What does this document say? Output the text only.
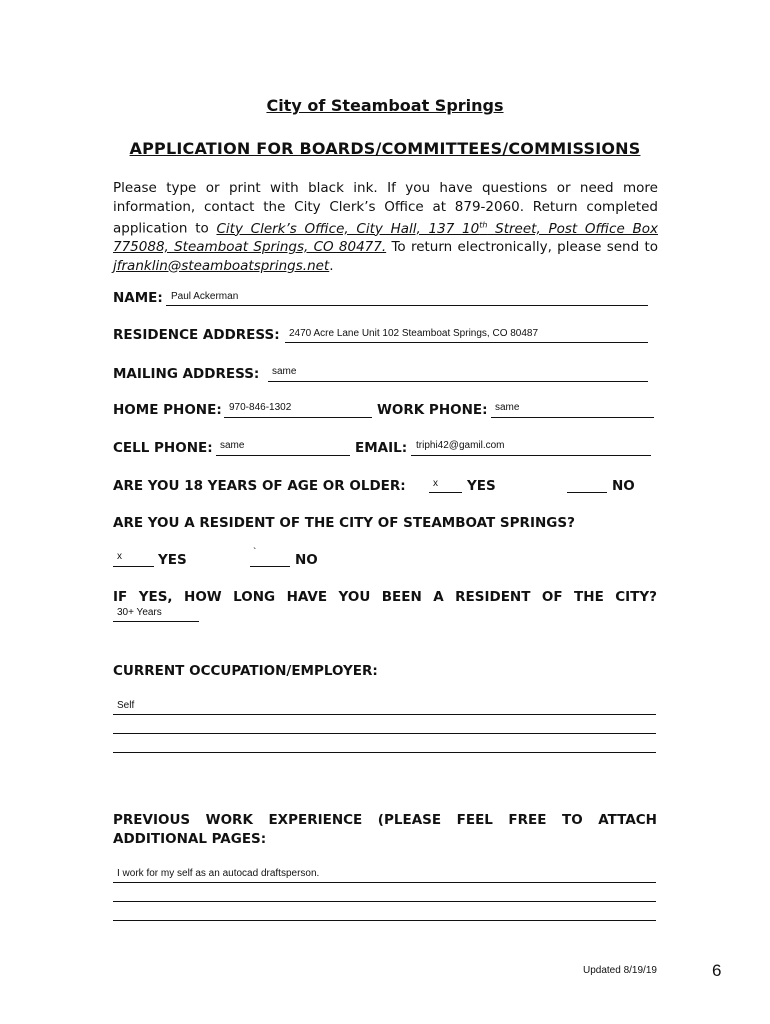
City of Steamboat Springs
APPLICATION FOR BOARDS/COMMITTEES/COMMISSIONS
Please type or print with black ink. If you have questions or need more information, contact the City Clerk’s Office at 879-2060. Return completed application to City Clerk’s Office, City Hall, 137 10th Street, Post Office Box 775088, Steamboat Springs, CO 80477. To return electronically, please send to jfranklin@steamboatsprings.net.
NAME: Paul Ackerman
RESIDENCE ADDRESS: 2470 Acre Lane Unit 102 Steamboat Springs, CO 80487
MAILING ADDRESS: same
HOME PHONE: 970-846-1302	WORK PHONE: same
CELL PHONE: same	EMAIL: triphi42@gamil.com
ARE YOU 18 YEARS OF AGE OR OLDER:	x YES	NO
ARE YOU A RESIDENT OF THE CITY OF STEAMBOAT SPRINGS?
x	YES	`	NO
IF YES, HOW LONG HAVE YOU BEEN A RESIDENT OF THE CITY?
30+ Years
CURRENT OCCUPATION/EMPLOYER:
Self
PREVIOUS WORK EXPERIENCE (PLEASE FEEL FREE TO ATTACH
ADDITIONAL PAGES:
I work for my self as an autocad draftsperson.
Updated 8/19/19	6
